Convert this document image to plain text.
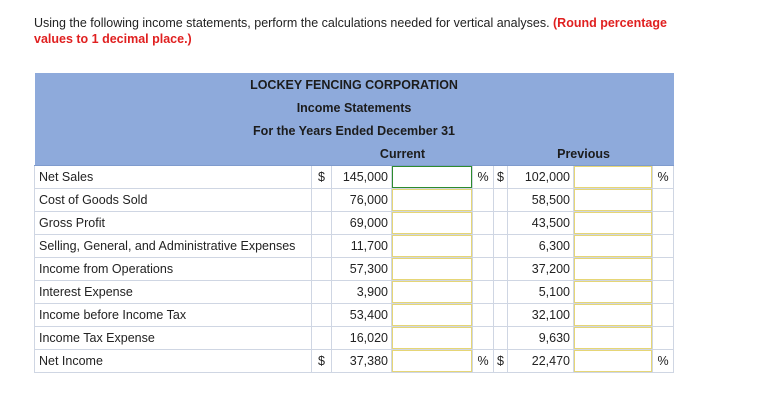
Using the following income statements, perform the calculations needed for vertical analyses. (Round percentage values to 1 decimal place.)
LOCKEY FENCING CORPORATION								
Income Statements								
For the Years Ended December 31								
	Current				Previous			
Net Sales	$	145,000		%	$	102,000		%
Cost of Goods Sold		76,000				58,500		
Gross Profit		69,000				43,500		
Selling, General, and Administrative Expenses		11,700				6,300		
Income from Operations		57,300				37,200		
Interest Expense		3,900				5,100		
Income before Income Tax		53,400				32,100		
Income Tax Expense		16,020				9,630		
Net Income	$	37,380		%	$	22,470		%
